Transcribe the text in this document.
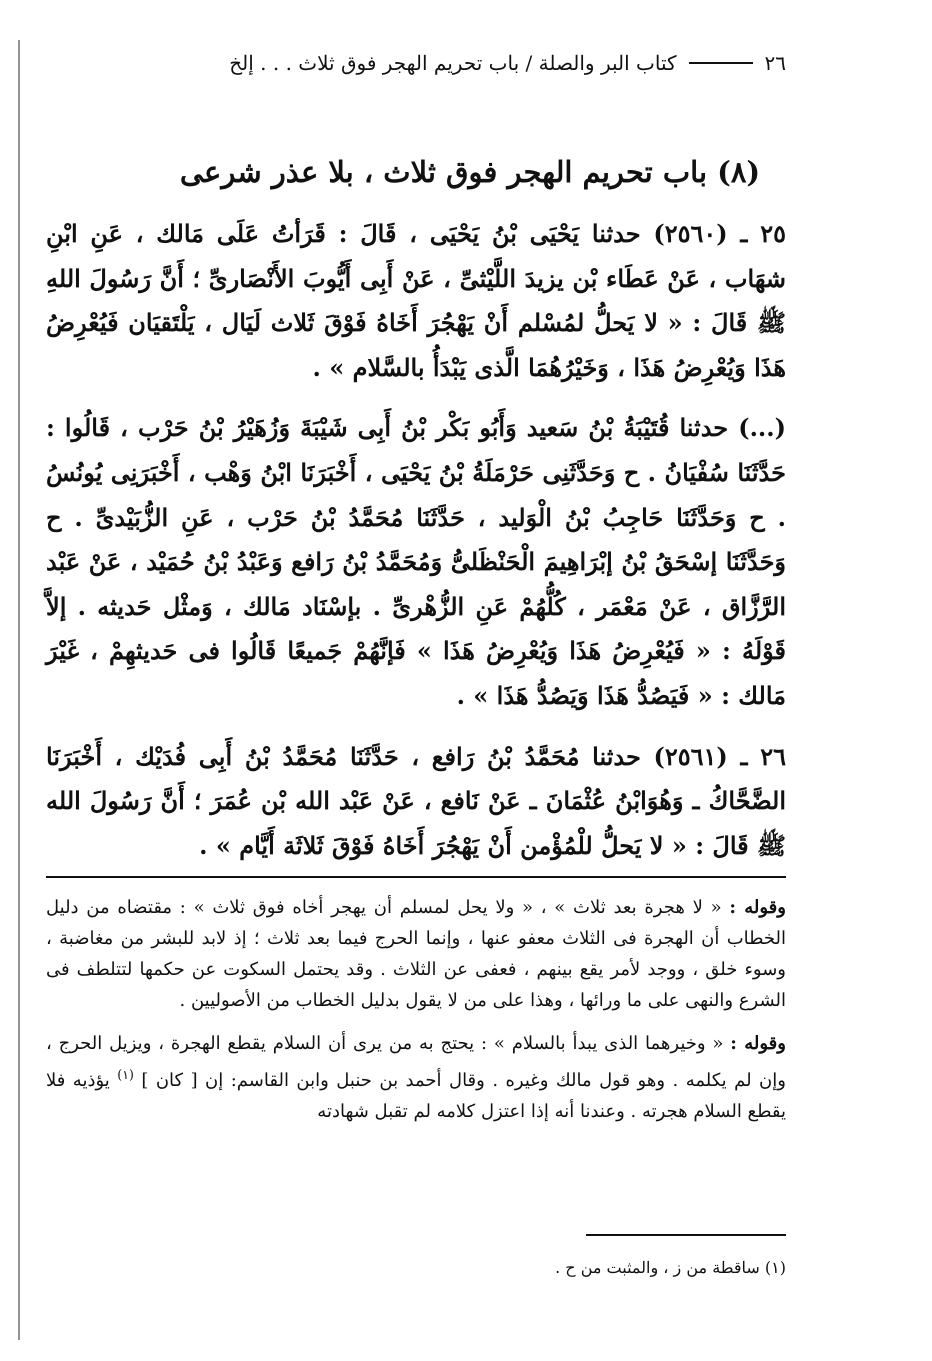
٢٦
كتاب البر والصلة / باب تحريم الهجر فوق ثلاث . . . إلخ
(٨) باب تحريم الهجر فوق ثلاث ، بلا عذر شرعى

٢٥ ـ (٢٥٦٠) حدثنا يَحْيَى بْنُ يَحْيَى ، قَالَ : قَرَأتُ عَلَى مَالك ، عَنِ ابْنِ شهَاب ، عَنْ عَطَاء بْن يزيدَ اللَّيْثىِّ ، عَنْ أَبِى أَيُّوبَ الأَنْصَارىِّ ؛ أَنَّ رَسُولَ اللهِ ﷺ قَالَ : « لا يَحلُّ لمُسْلم أَنْ يَهْجُرَ أَخَاهُ فَوْقَ ثَلاث لَيَال ، يَلْتَقيَان فَيُعْرِضُ هَذَا وَيُعْرِضُ هَذَا ، وَخَيْرُهُمَا الَّذى يَبْدَأُ بالسَّلام » .

(...) حدثنا قُتَيْبَةُ بْنُ سَعيد وَأَبُو بَكْر بْنُ أَبِى شَيْبَةَ وَزُهَيْرُ بْنُ حَرْب ، قَالُوا : حَدَّثَنَا سُفْيَانُ . ح وَحَدَّثَنِى حَرْمَلَةُ بْنُ يَحْيَى ، أَخْبَرَنَا ابْنُ وَهْب ، أَخْبَرَنِى يُونُسُ . ح وَحَدَّثَنَا حَاجِبُ بْنُ الْوَليد ، حَدَّثَنَا مُحَمَّدُ بْنُ حَرْب ، عَنِ الزُّبَيْدىِّ . ح وَحَدَّثَنَا إسْحَقُ بْنُ إبْرَاهِيمَ الْحَنْظَلىُّ وَمُحَمَّدُ بْنُ رَافع وَعَبْدُ بْنُ حُمَيْد ، عَنْ عَبْد الرَّزَّاق ، عَنْ مَعْمَر ، كُلُّهُمْ عَنِ الزُّهْرىِّ . بإسْنَاد مَالك ، وَمثْل حَديثه . إلاَّ قَوْلَهُ : « فَيُعْرِضُ هَذَا وَيُعْرِضُ هَذَا » فَإنَّهُمْ جَميعًا قَالُوا فى حَديثهِمْ ، غَيْرَ مَالك : « فَيَصُدُّ هَذَا وَيَصُدُّ هَذَا » .

٢٦ ـ (٢٥٦١) حدثنا مُحَمَّدُ بْنُ رَافع ، حَدَّثَنَا مُحَمَّدُ بْنُ أَبِى فُدَيْك ، أَخْبَرَنَا الضَّحَّاكُ ـ وَهُوَابْنُ عُثْمَانَ ـ عَنْ نَافع ، عَنْ عَبْد الله بْن عُمَرَ ؛ أَنَّ رَسُولَ الله ﷺ قَالَ : « لا يَحلُّ للْمُؤْمن أَنْ يَهْجُرَ أَخَاهُ فَوْقَ ثَلاثَة أَيَّام » .

وقوله : « لا هجرة بعد ثلاث » ، « ولا يحل لمسلم أن يهجر أخاه فوق ثلاث » : مقتضاه من دليل الخطاب أن الهجرة فى الثلاث معفو عنها ، وإنما الحرج فيما بعد ثلاث ؛ إذ لابد للبشر من مغاضبة ، وسوء خلق ، ووجد لأمر يقع بينهم ، فعفى عن الثلاث . وقد يحتمل السكوت عن حكمها لتتلطف فى الشرع والنهى على ما ورائها ، وهذا على من لا يقول بدليل الخطاب من الأصوليين .

وقوله : « وخيرهما الذى يبدأ بالسلام » : يحتج به من يرى أن السلام يقطع الهجرة ، ويزيل الحرج ، وإن لم يكلمه . وهو قول مالك وغيره . وقال أحمد بن حنبل وابن القاسم: إن [ كان ] $^{(١)}$ يؤذيه فلا يقطع السلام هجرته . وعندنا أنه إذا اعتزل كلامه لم تقبل شهادته

(١) ساقطة من ز ، والمثبت من ح .
